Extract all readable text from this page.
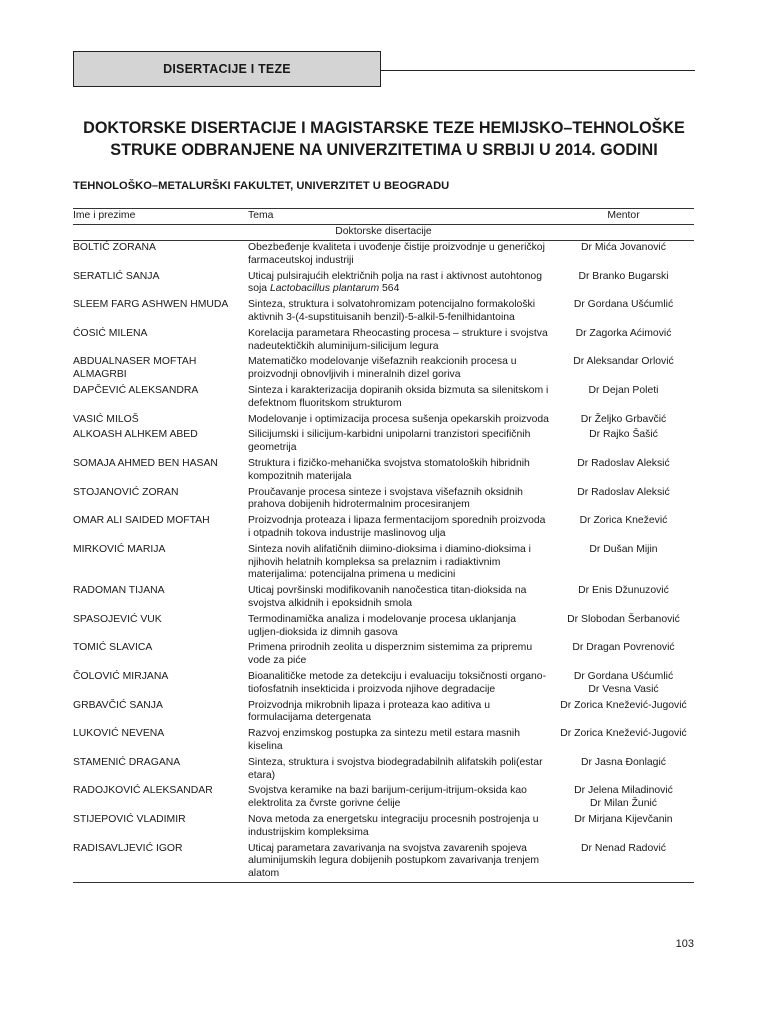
DISERTACIJE I TEZE
DOKTORSKE DISERTACIJE I MAGISTARSKE TEZE HEMIJSKO–TEHNOLOŠKE
STRUKE ODBRANJENE NA UNIVERZITETIMA U SRBIJI U 2014. GODINI

TEHNOLOŠKO–METALURŠKI FAKULTET, UNIVERZITET U BEOGRADU

Ime i prezime	Tema	Mentor
Doktorske disertacije		
BOLTIĆ ZORANA	Obezbeđenje kvaliteta i uvođenje čistije proizvodnje u generičkoj farmaceutskoj industriji	Dr Mića Jovanović

SERATLIĆ SANJA	Uticaj pulsirajućih električnih polja na rast i aktivnost autohtonog soja Lactobacillus plantarum 564	Dr Branko Bugarski

SLEEM FARG ASHWEN HMUDA	Sinteza, struktura i solvatohromizam potencijalno formakološki aktivnih 3-(4-supstituisanih benzil)-5-alkil-5-fenilhidantoina	Dr Gordana Ušćumlić

ĆOSIĆ MILENA	Korelacija parametara Rheocasting procesa – strukture i svojstva nadeutektičkih aluminijum-silicijum legura	Dr Zagorka Aćimović

ABDUALNASER MOFTAH ALMAGRBI	Matematičko modelovanje višefaznih reakcionih procesa u proizvodnji obnovljivih i mineralnih dizel goriva	Dr Aleksandar Orlović

DAPČEVIĆ ALEKSANDRA	Sinteza i karakterizacija dopiranih oksida bizmuta sa silenitskom i defektnom fluoritskom strukturom	Dr Dejan Poleti

VASIĆ MILOŠ	Modelovanje i optimizacija procesa sušenja opekarskih proizvoda	Dr Željko Grbavčić

ALKOASH ALHKEM ABED	Silicijumski i silicijum-karbidni unipolarni tranzistori specifičnih geometrija	Dr Rajko Šašić

SOMAJA AHMED BEN HASAN	Struktura i fizičko-mehanička svojstva stomatoloških hibridnih kompozitnih materijala	Dr Radoslav Aleksić

STOJANOVIĆ ZORAN	Proučavanje procesa sinteze i svojstava višefaznih oksidnih prahova dobijenih hidrotermalnim procesiranjem	Dr Radoslav Aleksić

OMAR ALI SAIDED MOFTAH	Proizvodnja proteaza i lipaza fermentacijom sporednih proizvoda i otpadnih tokova industrije maslinovog ulja	Dr Zorica Knežević

MIRKOVIĆ MARIJA	Sinteza novih alifatičnih diimino-dioksima i diamino-dioksima i njihovih helatnih kompleksa sa prelaznim i radiaktivnim materijalima: potencijalna primena u medicini	Dr Dušan Mijin

RADOMAN TIJANA	Uticaj površinski modifikovanih nanočestica titan-dioksida na svojstva alkidnih i epoksidnih smola	Dr Enis Džunuzović

SPASOJEVIĆ VUK	Termodinamička analiza i modelovanje procesa uklanjanja ugljen-dioksida iz dimnih gasova	Dr Slobodan Šerbanović

TOMIĆ SLAVICA	Primena prirodnih zeolita u disperznim sistemima za pripremu vode za piće	Dr Dragan Povrenović

ČOLOVIĆ MIRJANA	Bioanalitičke metode za detekciju i evaluaciju toksičnosti organo-tiofosfatnih insekticida i proizvoda njihove degradacije	Dr Gordana Ušćumlić
Dr Vesna Vasić

GRBAVČIĆ SANJA	Proizvodnja mikrobnih lipaza i proteaza kao aditiva u formulacijama detergenata	Dr Zorica Knežević-Jugović

LUKOVIĆ NEVENA	Razvoj enzimskog postupka za sintezu metil estara masnih kiselina	Dr Zorica Knežević-Jugović

STAMENIĆ DRAGANA	Sinteza, struktura i svojstva biodegradabilnih alifatskih poli(estar etara)	Dr Jasna Đonlagić

RADOJKOVIĆ ALEKSANDAR	Svojstva keramike na bazi barijum-cerijum-itrijum-oksida kao elektrolita za čvrste gorivne ćelije	Dr Jelena Miladinović
Dr Milan Žunić

STIJEPOVIĆ VLADIMIR	Nova metoda za energetsku integraciju procesnih postrojenja u industrijskim kompleksima	Dr Mirjana Kijevčanin

RADISAVLJEVIĆ IGOR	Uticaj parametara zavarivanja na svojstva zavarenih spojeva aluminijumskih legura dobijenih postupkom zavarivanja trenjem alatom	Dr Nenad Radović

103
